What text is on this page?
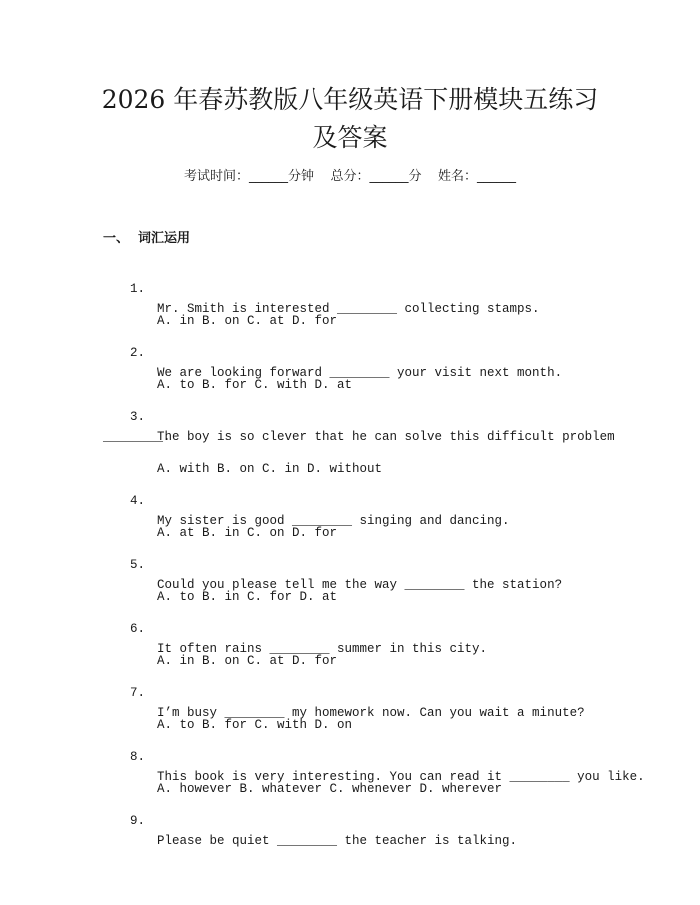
2026 年春苏教版八年级英语下册模块五练习
及答案
考试时间：______分钟    总分：______分    姓名：______
一、 词汇运用

1.

Mr. Smith is interested ________ collecting stamps.

A. in B. on C. at D. for

2.

We are looking forward ________ your visit next month.

A. to B. for C. with D. at

3.

The boy is so clever that he can solve this difficult problem

________.

A. with B. on C. in D. without

4.

My sister is good ________ singing and dancing.

A. at B. in C. on D. for

5.

Could you please tell me the way ________ the station?

A. to B. in C. for D. at

6.

It often rains ________ summer in this city.

A. in B. on C. at D. for

7.

I’m busy ________ my homework now. Can you wait a minute?

A. to B. for C. with D. on

8.

This book is very interesting. You can read it ________ you like.

A. however B. whatever C. whenever D. wherever

9.

Please be quiet ________ the teacher is talking.
